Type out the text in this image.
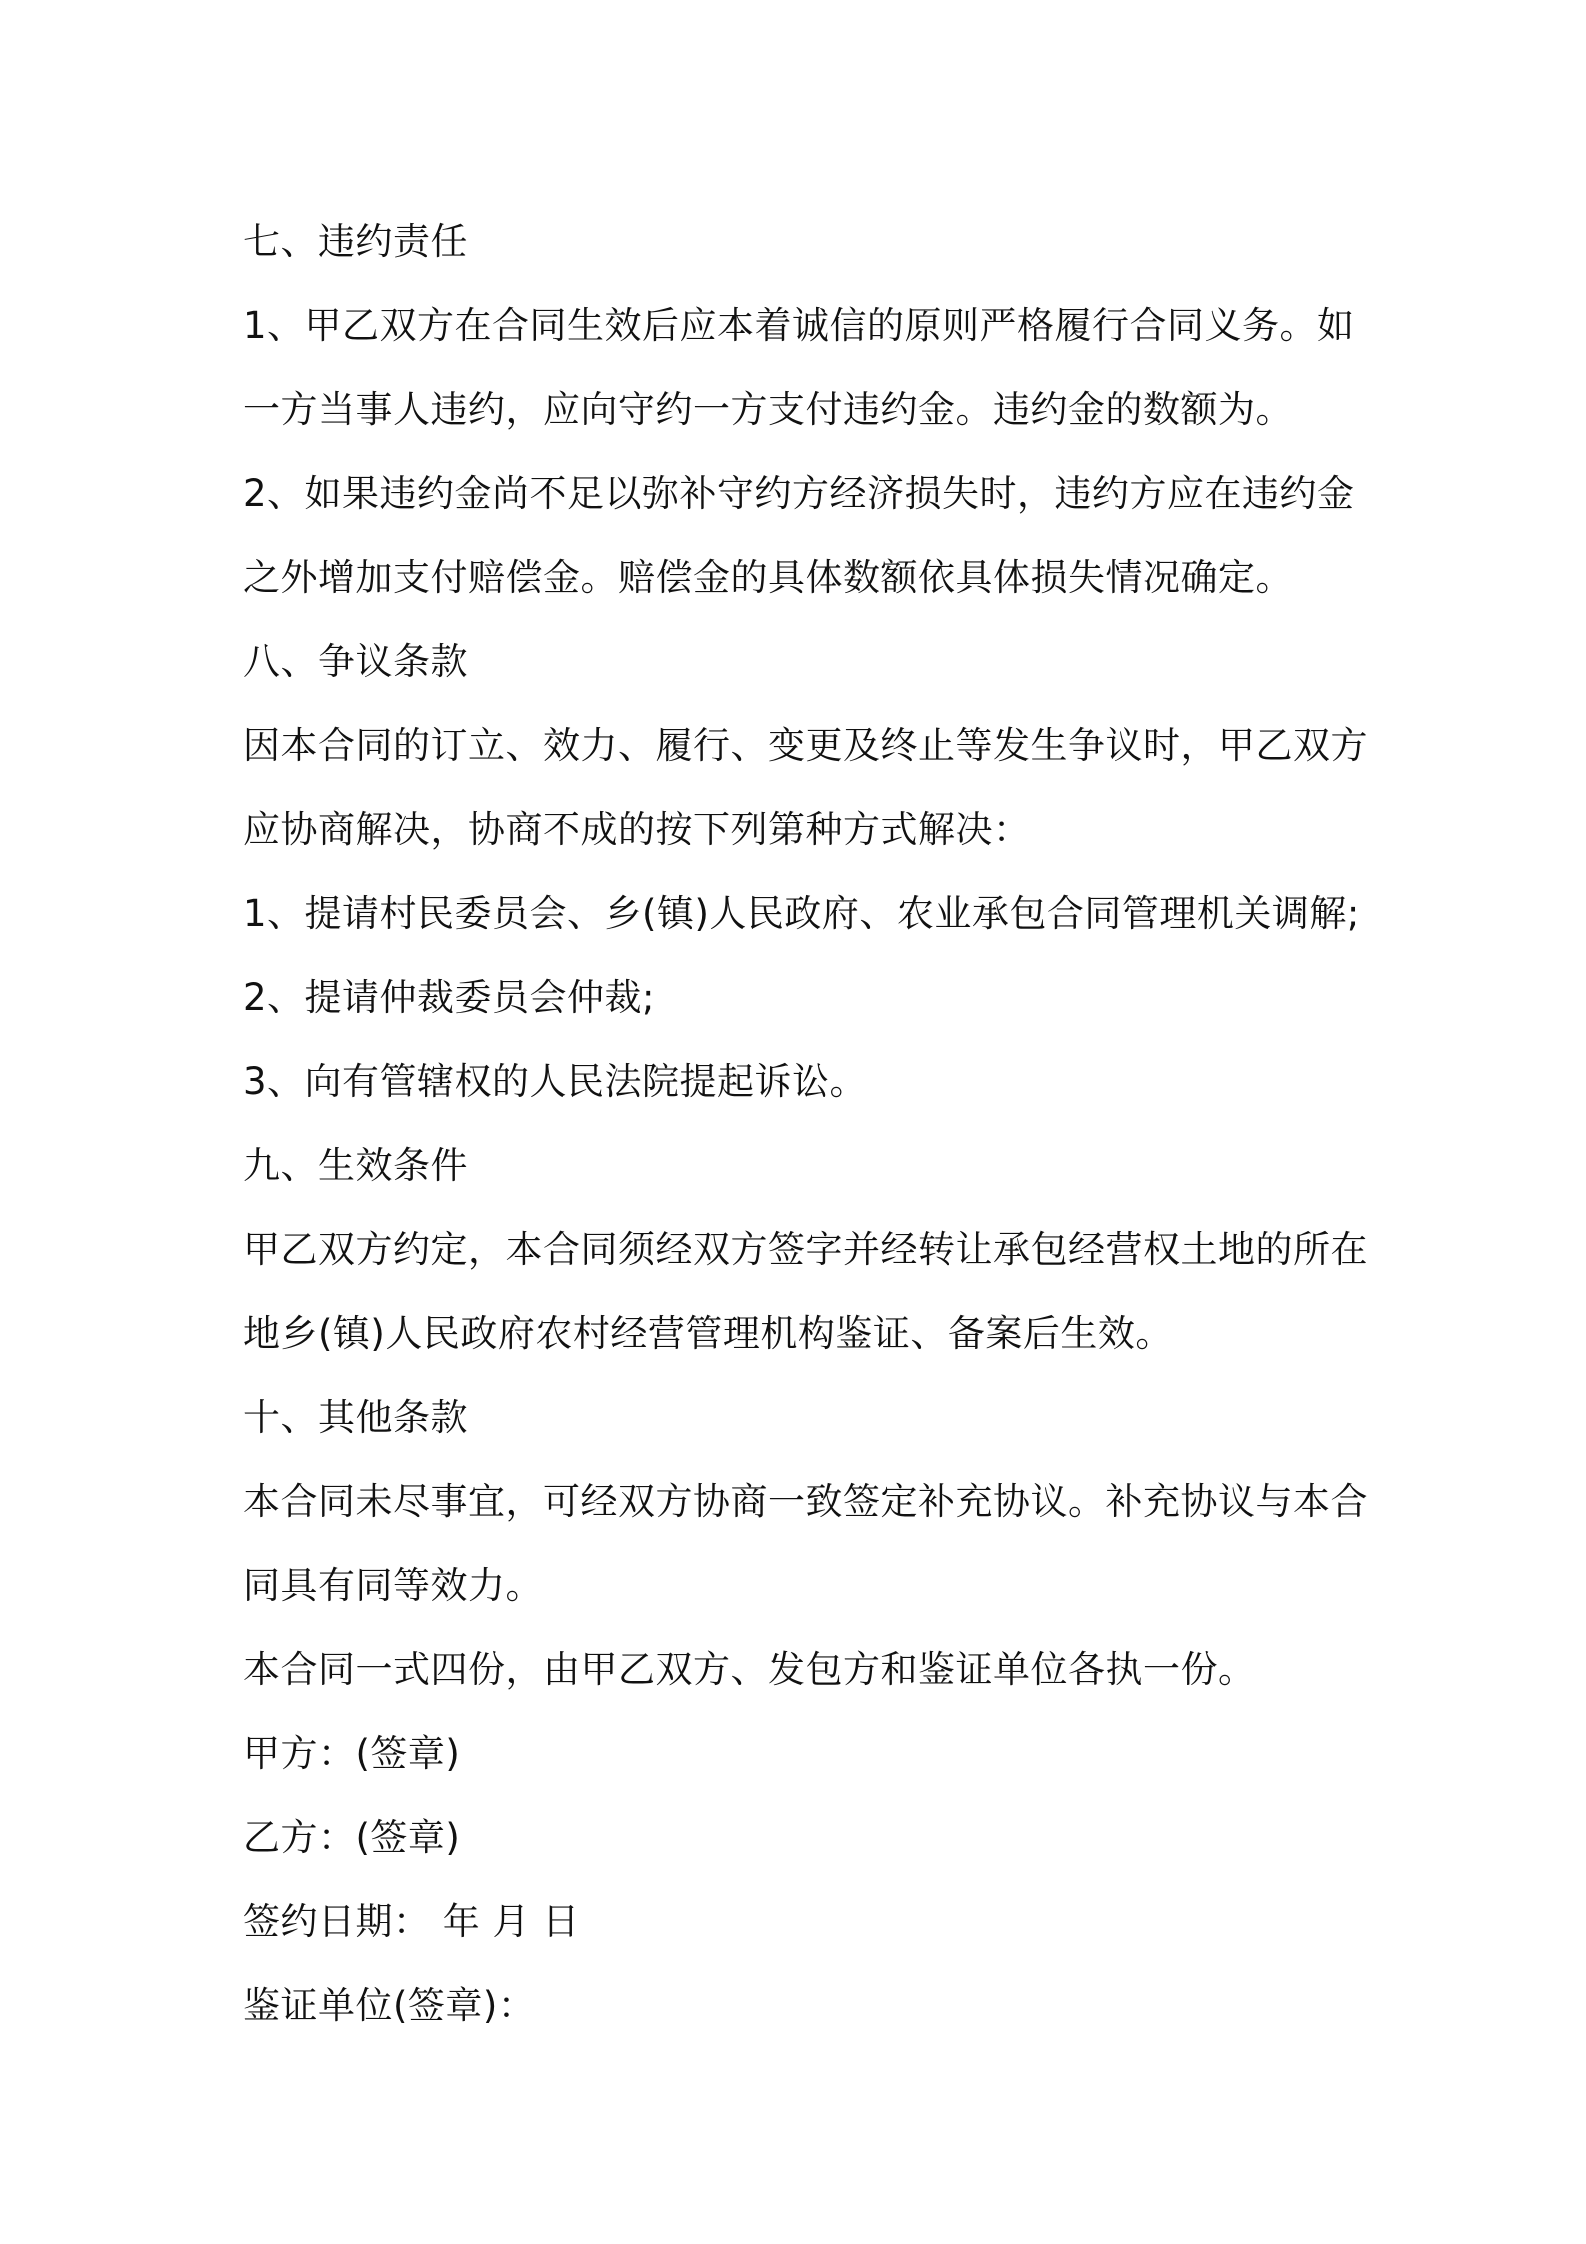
七、违约责任
1、甲乙双方在合同生效后应本着诚信的原则严格履行合同义务。如
一方当事人违约，应向守约一方支付违约金。违约金的数额为。
2、如果违约金尚不足以弥补守约方经济损失时，违约方应在违约金
之外增加支付赔偿金。赔偿金的具体数额依具体损失情况确定。
八、争议条款
因本合同的订立、效力、履行、变更及终止等发生争议时，甲乙双方
应协商解决，协商不成的按下列第种方式解决：
1、提请村民委员会、乡(镇)人民政府、农业承包合同管理机关调解;
2、提请仲裁委员会仲裁;
3、向有管辖权的人民法院提起诉讼。
九、生效条件
甲乙双方约定，本合同须经双方签字并经转让承包经营权土地的所在
地乡(镇)人民政府农村经营管理机构鉴证、备案后生效。
十、其他条款
本合同未尽事宜，可经双方协商一致签定补充协议。补充协议与本合
同具有同等效力。
本合同一式四份，由甲乙双方、发包方和鉴证单位各执一份。
甲方：(签章)
乙方：(签章)
签约日期： 年 月 日
鉴证单位(签章)：
